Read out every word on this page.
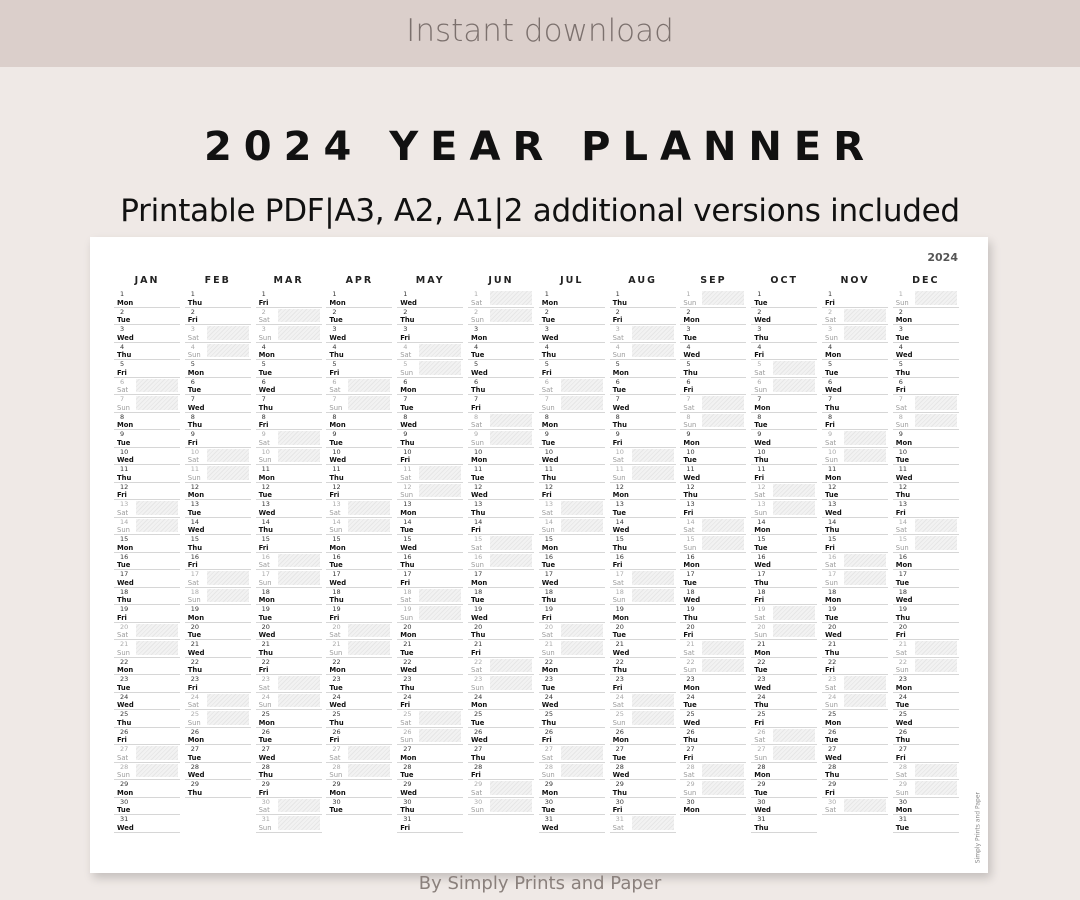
Instant download
2024 YEAR PLANNER
Printable PDF|A3, A2, A1|2 additional versions included
2024
Simply Prints and Paper
JAN
1
Mon
2
Tue
3
Wed
4
Thu
5
Fri
6
Sat
7
Sun
8
Mon
9
Tue
10
Wed
11
Thu
12
Fri
13
Sat
14
Sun
15
Mon
16
Tue
17
Wed
18
Thu
19
Fri
20
Sat
21
Sun
22
Mon
23
Tue
24
Wed
25
Thu
26
Fri
27
Sat
28
Sun
29
Mon
30
Tue
31
Wed
FEB
1
Thu
2
Fri
3
Sat
4
Sun
5
Mon
6
Tue
7
Wed
8
Thu
9
Fri
10
Sat
11
Sun
12
Mon
13
Tue
14
Wed
15
Thu
16
Fri
17
Sat
18
Sun
19
Mon
20
Tue
21
Wed
22
Thu
23
Fri
24
Sat
25
Sun
26
Mon
27
Tue
28
Wed
29
Thu
MAR
1
Fri
2
Sat
3
Sun
4
Mon
5
Tue
6
Wed
7
Thu
8
Fri
9
Sat
10
Sun
11
Mon
12
Tue
13
Wed
14
Thu
15
Fri
16
Sat
17
Sun
18
Mon
19
Tue
20
Wed
21
Thu
22
Fri
23
Sat
24
Sun
25
Mon
26
Tue
27
Wed
28
Thu
29
Fri
30
Sat
31
Sun
APR
1
Mon
2
Tue
3
Wed
4
Thu
5
Fri
6
Sat
7
Sun
8
Mon
9
Tue
10
Wed
11
Thu
12
Fri
13
Sat
14
Sun
15
Mon
16
Tue
17
Wed
18
Thu
19
Fri
20
Sat
21
Sun
22
Mon
23
Tue
24
Wed
25
Thu
26
Fri
27
Sat
28
Sun
29
Mon
30
Tue
MAY
1
Wed
2
Thu
3
Fri
4
Sat
5
Sun
6
Mon
7
Tue
8
Wed
9
Thu
10
Fri
11
Sat
12
Sun
13
Mon
14
Tue
15
Wed
16
Thu
17
Fri
18
Sat
19
Sun
20
Mon
21
Tue
22
Wed
23
Thu
24
Fri
25
Sat
26
Sun
27
Mon
28
Tue
29
Wed
30
Thu
31
Fri
JUN
1
Sat
2
Sun
3
Mon
4
Tue
5
Wed
6
Thu
7
Fri
8
Sat
9
Sun
10
Mon
11
Tue
12
Wed
13
Thu
14
Fri
15
Sat
16
Sun
17
Mon
18
Tue
19
Wed
20
Thu
21
Fri
22
Sat
23
Sun
24
Mon
25
Tue
26
Wed
27
Thu
28
Fri
29
Sat
30
Sun
JUL
1
Mon
2
Tue
3
Wed
4
Thu
5
Fri
6
Sat
7
Sun
8
Mon
9
Tue
10
Wed
11
Thu
12
Fri
13
Sat
14
Sun
15
Mon
16
Tue
17
Wed
18
Thu
19
Fri
20
Sat
21
Sun
22
Mon
23
Tue
24
Wed
25
Thu
26
Fri
27
Sat
28
Sun
29
Mon
30
Tue
31
Wed
AUG
1
Thu
2
Fri
3
Sat
4
Sun
5
Mon
6
Tue
7
Wed
8
Thu
9
Fri
10
Sat
11
Sun
12
Mon
13
Tue
14
Wed
15
Thu
16
Fri
17
Sat
18
Sun
19
Mon
20
Tue
21
Wed
22
Thu
23
Fri
24
Sat
25
Sun
26
Mon
27
Tue
28
Wed
29
Thu
30
Fri
31
Sat
SEP
1
Sun
2
Mon
3
Tue
4
Wed
5
Thu
6
Fri
7
Sat
8
Sun
9
Mon
10
Tue
11
Wed
12
Thu
13
Fri
14
Sat
15
Sun
16
Mon
17
Tue
18
Wed
19
Thu
20
Fri
21
Sat
22
Sun
23
Mon
24
Tue
25
Wed
26
Thu
27
Fri
28
Sat
29
Sun
30
Mon
OCT
1
Tue
2
Wed
3
Thu
4
Fri
5
Sat
6
Sun
7
Mon
8
Tue
9
Wed
10
Thu
11
Fri
12
Sat
13
Sun
14
Mon
15
Tue
16
Wed
17
Thu
18
Fri
19
Sat
20
Sun
21
Mon
22
Tue
23
Wed
24
Thu
25
Fri
26
Sat
27
Sun
28
Mon
29
Tue
30
Wed
31
Thu
NOV
1
Fri
2
Sat
3
Sun
4
Mon
5
Tue
6
Wed
7
Thu
8
Fri
9
Sat
10
Sun
11
Mon
12
Tue
13
Wed
14
Thu
15
Fri
16
Sat
17
Sun
18
Mon
19
Tue
20
Wed
21
Thu
22
Fri
23
Sat
24
Sun
25
Mon
26
Tue
27
Wed
28
Thu
29
Fri
30
Sat
DEC
1
Sun
2
Mon
3
Tue
4
Wed
5
Thu
6
Fri
7
Sat
8
Sun
9
Mon
10
Tue
11
Wed
12
Thu
13
Fri
14
Sat
15
Sun
16
Mon
17
Tue
18
Wed
19
Thu
20
Fri
21
Sat
22
Sun
23
Mon
24
Tue
25
Wed
26
Thu
27
Fri
28
Sat
29
Sun
30
Mon
31
Tue
By Simply Prints and Paper
